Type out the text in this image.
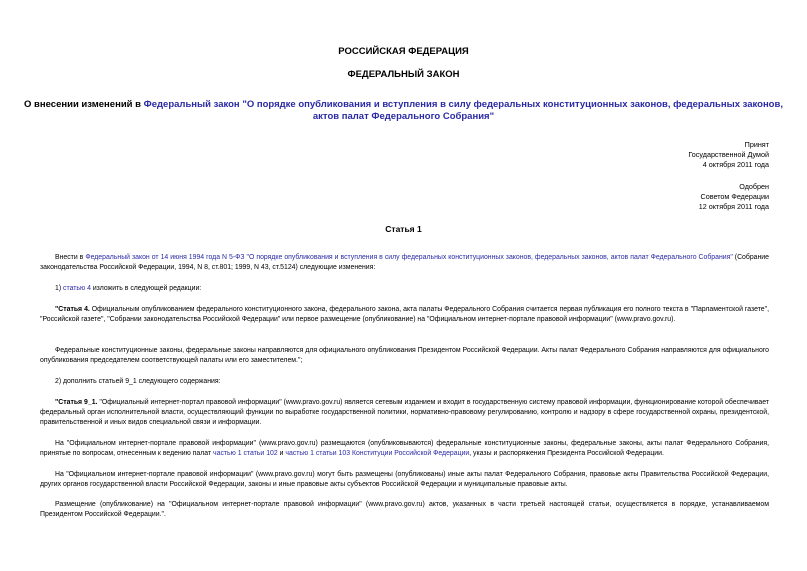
РОССИЙСКАЯ ФЕДЕРАЦИЯ
ФЕДЕРАЛЬНЫЙ ЗАКОН
О внесении изменений в Федеральный закон "О порядке опубликования и вступления в силу федеральных конституционных законов, федеральных законов,
актов палат Федерального Собрания"
Принят
Государственной Думой
4 октября 2011 года
Одобрен
Советом Федерации
12 октября 2011 года
Статья 1
Внести в Федеральный закон от 14 июня 1994 года N 5-ФЗ "О порядке опубликования и вступления в силу федеральных конституционных законов, федеральных законов, актов палат Федерального Собрания" (Собрание законодательства Российской Федерации, 1994, N 8, ст.801; 1999, N 43, ст.5124) следующие изменения:
1) статью 4 изложить в следующей редакции:
"Статья 4. Официальным опубликованием федерального конституционного закона, федерального закона, акта палаты Федерального Собрания считается первая публикация его полного текста в "Парламентской газете", "Российской газете", "Собрании законодательства Российской Федерации" или первое размещение (опубликование) на "Официальном интернет-портале правовой информации" (www.pravo.gov.ru).
Федеральные конституционные законы, федеральные законы направляются для официального опубликования Президентом Российской Федерации. Акты палат Федерального Собрания направляются для официального опубликования председателем соответствующей палаты или его заместителем.";
2) дополнить статьей 9_1 следующего содержания:
"Статья 9_1. "Официальный интернет-портал правовой информации" (www.pravo.gov.ru) является сетевым изданием и входит в государственную систему правовой информации, функционирование которой обеспечивает федеральный орган исполнительной власти, осуществляющий функции по выработке государственной политики, нормативно-правовому регулированию, контролю и надзору в сфере государственной охраны, президентской, правительственной и иных видов специальной связи и информации.
На "Официальном интернет-портале правовой информации" (www.pravo.gov.ru) размещаются (опубликовываются) федеральные конституционные законы, федеральные законы, акты палат Федерального Собрания, принятые по вопросам, отнесенным к ведению палат частью 1 статьи 102 и частью 1 статьи 103 Конституции Российской Федерации, указы и распоряжения Президента Российской Федерации.
На "Официальном интернет-портале правовой информации" (www.pravo.gov.ru) могут быть размещены (опубликованы) иные акты палат Федерального Собрания, правовые акты Правительства Российской Федерации, других органов государственной власти Российской Федерации, законы и иные правовые акты субъектов Российской Федерации и муниципальные правовые акты.
Размещение (опубликование) на "Официальном интернет-портале правовой информации" (www.pravo.gov.ru) актов, указанных в части третьей настоящей статьи, осуществляется в порядке, устанавливаемом Президентом Российской Федерации.".
